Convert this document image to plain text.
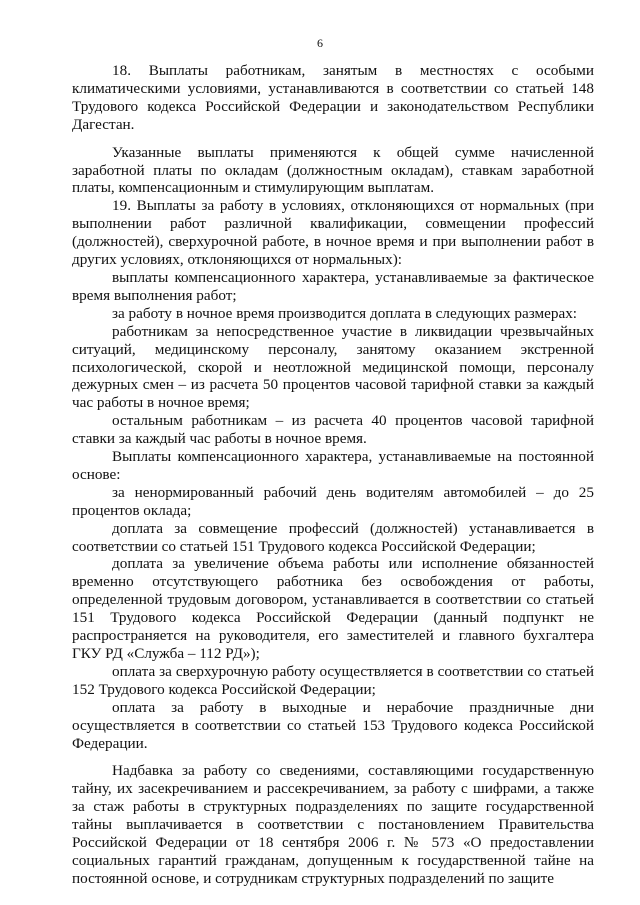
6

18. Выплаты работникам, занятым в местностях с особыми климатическими условиями, устанавливаются в соответствии со статьей 148 Трудового кодекса Российской Федерации и законодательством Республики Дагестан.

Указанные выплаты применяются к общей сумме начисленной заработной платы по окладам (должностным окладам), ставкам заработной платы, компенсационным и стимулирующим выплатам.

19. Выплаты за работу в условиях, отклоняющихся от нормальных (при выполнении работ различной квалификации, совмещении профессий (должностей), сверхурочной работе, в ночное время и при выполнении работ в других условиях, отклоняющихся от нормальных):

выплаты компенсационного характера, устанавливаемые за фактическое время выполнения работ;

за работу в ночное время производится доплата в следующих размерах:

работникам за непосредственное участие в ликвидации чрезвычайных ситуаций, медицинскому персоналу, занятому оказанием экстренной психологической, скорой и неотложной медицинской помощи, персоналу дежурных смен – из расчета 50 процентов часовой тарифной ставки за каждый час работы в ночное время;

остальным работникам – из расчета 40 процентов часовой тарифной ставки за каждый час работы в ночное время.

Выплаты компенсационного характера, устанавливаемые на постоянной основе:

за ненормированный рабочий день водителям автомобилей – до 25 процентов оклада;

доплата за совмещение профессий (должностей) устанавливается в соответствии со статьей 151 Трудового кодекса Российской Федерации;

доплата за увеличение объема работы или исполнение обязанностей временно отсутствующего работника без освобождения от работы, определенной трудовым договором, устанавливается в соответствии со статьей 151 Трудового кодекса Российской Федерации (данный подпункт не распространяется на руководителя, его заместителей и главного бухгалтера ГКУ РД «Служба – 112 РД»);

оплата за сверхурочную работу осуществляется в соответствии со статьей 152 Трудового кодекса Российской Федерации;

оплата за работу в выходные и нерабочие праздничные дни осуществляется в соответствии со статьей 153 Трудового кодекса Российской Федерации.

Надбавка за работу со сведениями, составляющими государственную тайну, их засекречиванием и рассекречиванием, за работу с шифрами, а также за стаж работы в структурных подразделениях по защите государственной тайны выплачивается в соответствии с постановлением Правительства Российской Федерации от 18 сентября 2006 г. № 573 «О предоставлении социальных гарантий гражданам, допущенным к государственной тайне на постоянной основе, и сотрудникам структурных подразделений по защите
